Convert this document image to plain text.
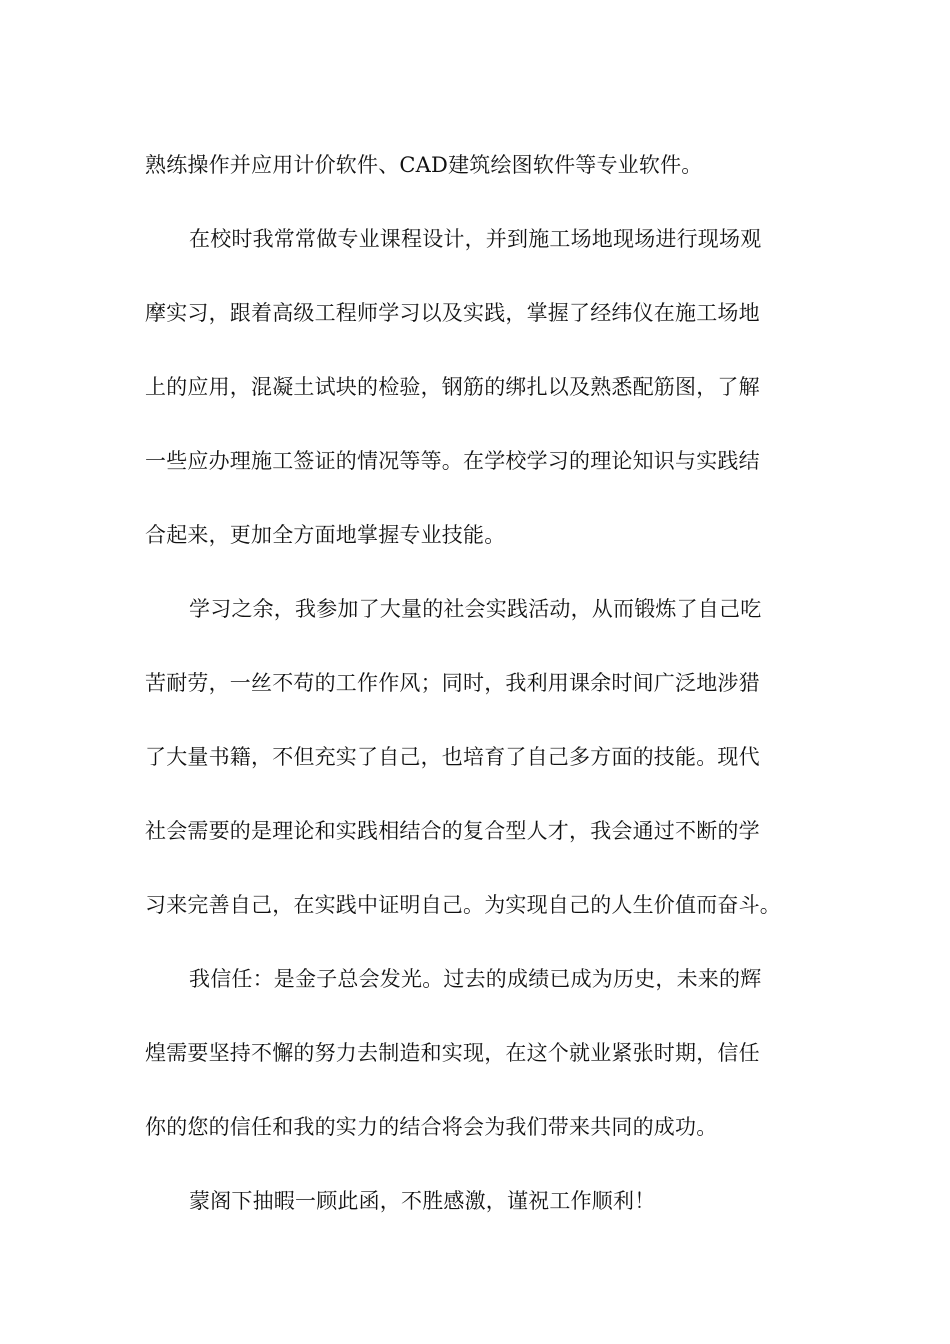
熟练操作并应用计价软件、CAD建筑绘图软件等专业软件。
在校时我常常做专业课程设计，并到施工场地现场进行现场观
摩实习，跟着高级工程师学习以及实践，掌握了经纬仪在施工场地
上的应用，混凝土试块的检验，钢筋的绑扎以及熟悉配筋图，了解
一些应办理施工签证的情况等等。在学校学习的理论知识与实践结
合起来，更加全方面地掌握专业技能。
学习之余，我参加了大量的社会实践活动，从而锻炼了自己吃
苦耐劳，一丝不苟的工作作风；同时，我利用课余时间广泛地涉猎
了大量书籍，不但充实了自己，也培育了自己多方面的技能。现代
社会需要的是理论和实践相结合的复合型人才，我会通过不断的学
习来完善自己，在实践中证明自己。为实现自己的人生价值而奋斗。
我信任：是金子总会发光。过去的成绩已成为历史，未来的辉
煌需要坚持不懈的努力去制造和实现，在这个就业紧张时期，信任
你的您的信任和我的实力的结合将会为我们带来共同的成功。
蒙阁下抽暇一顾此函，不胜感激，谨祝工作顺利！
